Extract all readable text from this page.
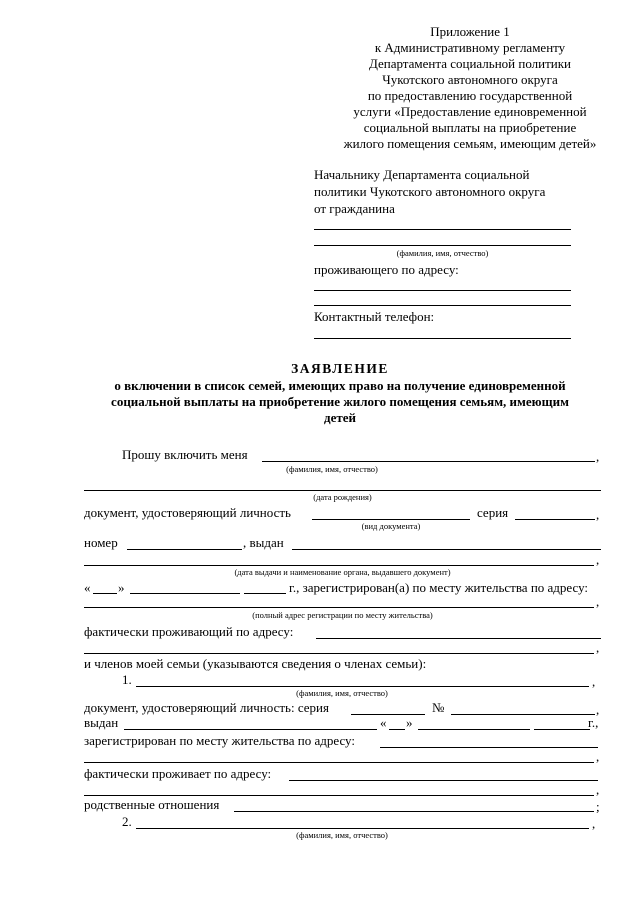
Приложение 1
к Административному регламенту
Департамента социальной политики
Чукотского автономного округа
по предоставлению государственной
услуги «Предоставление единовременной
социальной выплаты на приобретение
жилого помещения семьям, имеющим детей»
Начальнику Департамента социальной
политики Чукотского автономного округа
от гражданина
(фамилия, имя, отчество)
проживающего по адресу:
Контактный телефон:
ЗАЯВЛЕНИЕ
о включении в список семей, имеющих право на получение единовременной
социальной выплаты на приобретение жилого помещения семьям, имеющим
детей
Прошу включить меня	,
(фамилия, имя, отчество)
(дата рождения)
документ, удостоверяющий личность	серия	,
(вид документа)
номер	, выдан
,
(дата выдачи и наименование органа, выдавшего документ)
« »	г., зарегистрирован(а) по месту жительства по адресу:
,
(полный адрес регистрации по месту жительства)
фактически проживающий по адресу:
,
и членов моей семьи (указываются сведения о членах семьи):
1.	,
(фамилия, имя, отчество)
документ, удостоверяющий личность: серия	№	,
выдан	« »	г.,
зарегистрирован по месту жительства по адресу:
,
фактически проживает по адресу:
,
родственные отношения	;
2.	,
(фамилия, имя, отчество)
